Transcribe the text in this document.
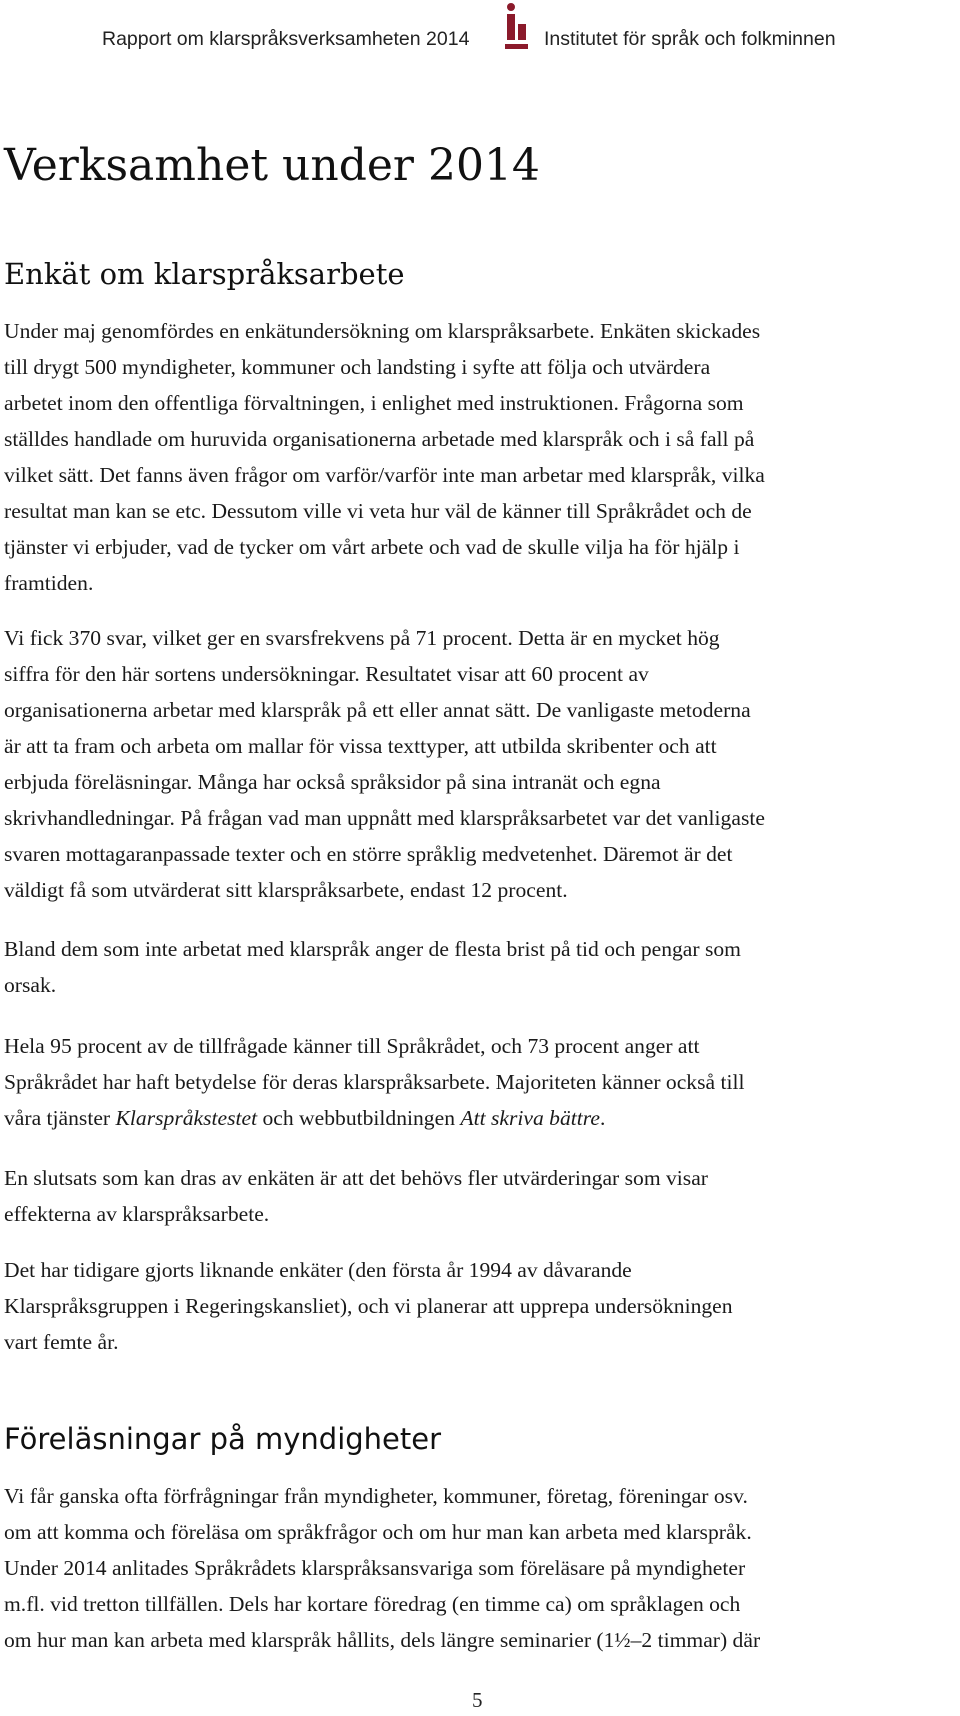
Rapport om klarspråksverksamheten 2014	Institutet för språk och folkminnen
Verksamhet under 2014
Enkät om klarspråksarbete

Under maj genomfördes en enkätundersökning om klarspråksarbete. Enkäten skickades

till drygt 500 myndigheter, kommuner och landsting i syfte att följa och utvärdera

arbetet inom den offentliga förvaltningen, i enlighet med instruktionen. Frågorna som

ställdes handlade om huruvida organisationerna arbetade med klarspråk och i så fall på

vilket sätt. Det fanns även frågor om varför/varför inte man arbetar med klarspråk, vilka

resultat man kan se etc. Dessutom ville vi veta hur väl de känner till Språkrådet och de

tjänster vi erbjuder, vad de tycker om vårt arbete och vad de skulle vilja ha för hjälp i

framtiden.

Vi fick 370 svar, vilket ger en svarsfrekvens på 71 procent. Detta är en mycket hög

siffra för den här sortens undersökningar. Resultatet visar att 60 procent av

organisationerna arbetar med klarspråk på ett eller annat sätt. De vanligaste metoderna

är att ta fram och arbeta om mallar för vissa texttyper, att utbilda skribenter och att

erbjuda föreläsningar. Många har också språksidor på sina intranät och egna

skrivhandledningar. På frågan vad man uppnått med klarspråksarbetet var det vanligaste

svaren mottagaranpassade texter och en större språklig medvetenhet. Däremot är det

väldigt få som utvärderat sitt klarspråksarbete, endast 12 procent.

Bland dem som inte arbetat med klarspråk anger de flesta brist på tid och pengar som

orsak.

Hela 95 procent av de tillfrågade känner till Språkrådet, och 73 procent anger att

Språkrådet har haft betydelse för deras klarspråksarbete. Majoriteten känner också till

våra tjänster Klarspråkstestet och webbutbildningen Att skriva bättre.

En slutsats som kan dras av enkäten är att det behövs fler utvärderingar som visar

effekterna av klarspråksarbete.

Det har tidigare gjorts liknande enkäter (den första år 1994 av dåvarande

Klarspråksgruppen i Regeringskansliet), och vi planerar att upprepa undersökningen

vart femte år.

Föreläsningar på myndigheter

Vi får ganska ofta förfrågningar från myndigheter, kommuner, företag, föreningar osv.

om att komma och föreläsa om språkfrågor och om hur man kan arbeta med klarspråk.

Under 2014 anlitades Språkrådets klarspråksansvariga som föreläsare på myndigheter

m.fl. vid tretton tillfällen. Dels har kortare föredrag (en timme ca) om språklagen och

om hur man kan arbeta med klarspråk hållits, dels längre seminarier (1½–2 timmar) där

5
